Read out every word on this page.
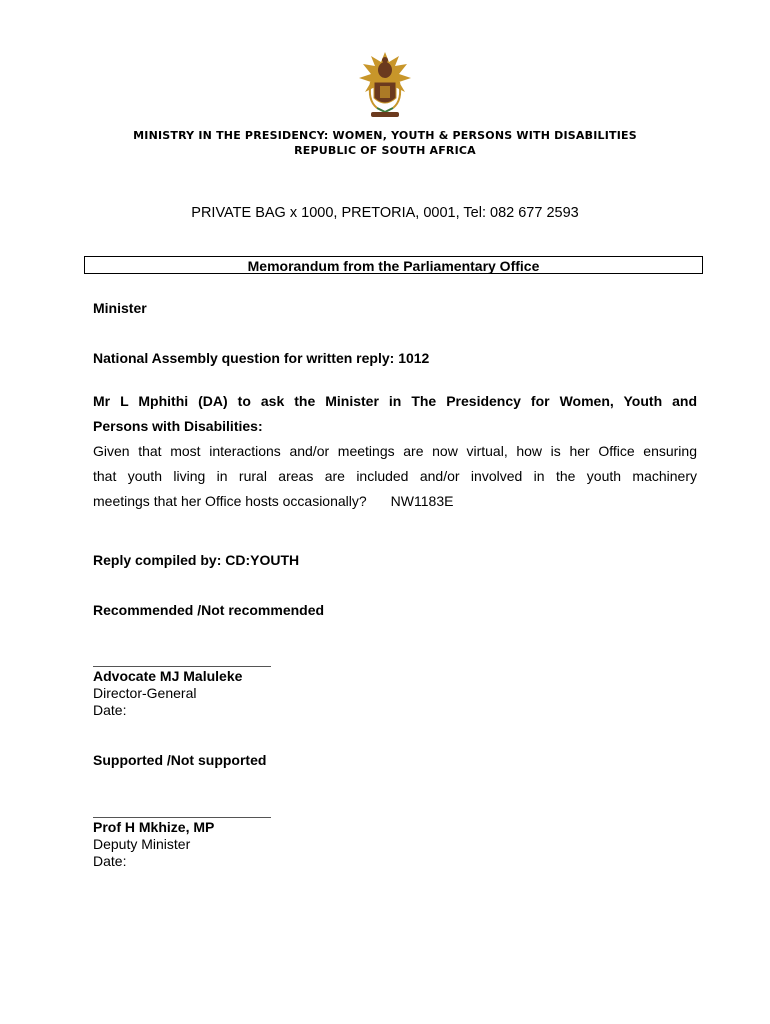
MINISTRY IN THE PRESIDENCY: WOMEN, YOUTH & PERSONS WITH DISABILITIES
REPUBLIC OF SOUTH AFRICA
PRIVATE BAG x 1000, PRETORIA, 0001, Tel: 082 677 2593
Memorandum from the Parliamentary Office
Minister
National Assembly question for written reply: 1012
Mr L Mphithi (DA) to ask the Minister in The Presidency for Women, Youth and
Persons with Disabilities:
Given that most interactions and/or meetings are now virtual, how is her Office ensuring
that youth living in rural areas are included and/or involved in the youth machinery
meetings that her Office hosts occasionally? NW1183E
Reply compiled by: CD:YOUTH
Recommended /Not recommended
Advocate MJ Maluleke
Director-General
Date:
Supported /Not supported
Prof H Mkhize, MP
Deputy Minister
Date:
